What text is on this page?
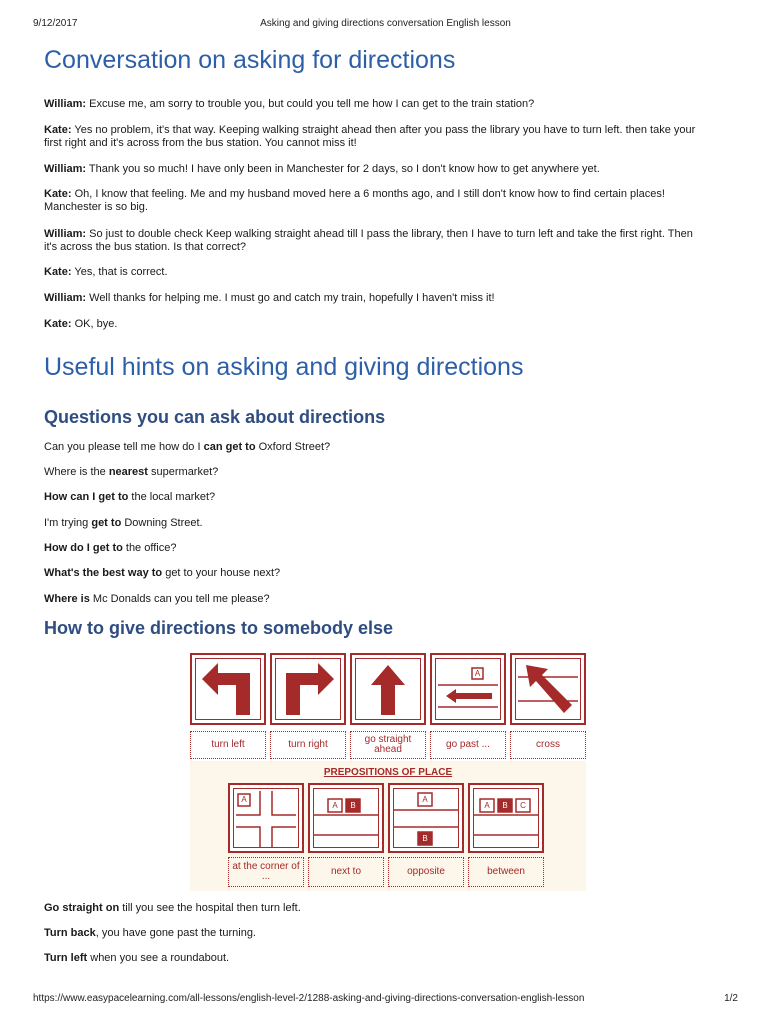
9/12/2017	Asking and giving directions conversation English lesson
Conversation on asking for directions

William: Excuse me, am sorry to trouble you, but could you tell me how I can get to the train station?

Kate: Yes no problem, it's that way. Keeping walking straight ahead then after you pass the library you have to turn left. then take your

first right and it's across from the bus station. You cannot miss it!

William: Thank you so much! I have only been in Manchester for 2 days, so I don't know how to get anywhere yet.

Kate: Oh, I know that feeling. Me and my husband moved here a 6 months ago, and I still don't know how to find certain places!

Manchester is so big.

William: So just to double check Keep walking straight ahead till I pass the library, then I have to turn left and take the first right. Then

it's across the bus station. Is that correct?

Kate: Yes, that is correct.

William: Well thanks for helping me. I must go and catch my train, hopefully I haven't miss it!

Kate: OK, bye.

Useful hints on asking and giving directions
Questions you can ask about directions

Can you please tell me how do I can get to Oxford Street?

Where is the nearest supermarket?

How can I get to the local market?

I'm trying get to Downing Street.

How do I get to the office?

What's the best way to get to your house next?

Where is Mc Donalds can you tell me please?

How to give directions to somebody else

Go straight on till you see the hospital then turn left.

Turn back, you have gone past the turning.

Turn left when you see a roundabout.

A
turn left	turn right	go straight ahead	go past ...	cross
PREPOSITIONS OF PLACE
A
A	B
A
B
A	B	C
at the corner of ...	next to	opposite	between
https://www.easypacelearning.com/all-lessons/english-level-2/1288-asking-and-giving-directions-conversation-english-lesson	1/2
